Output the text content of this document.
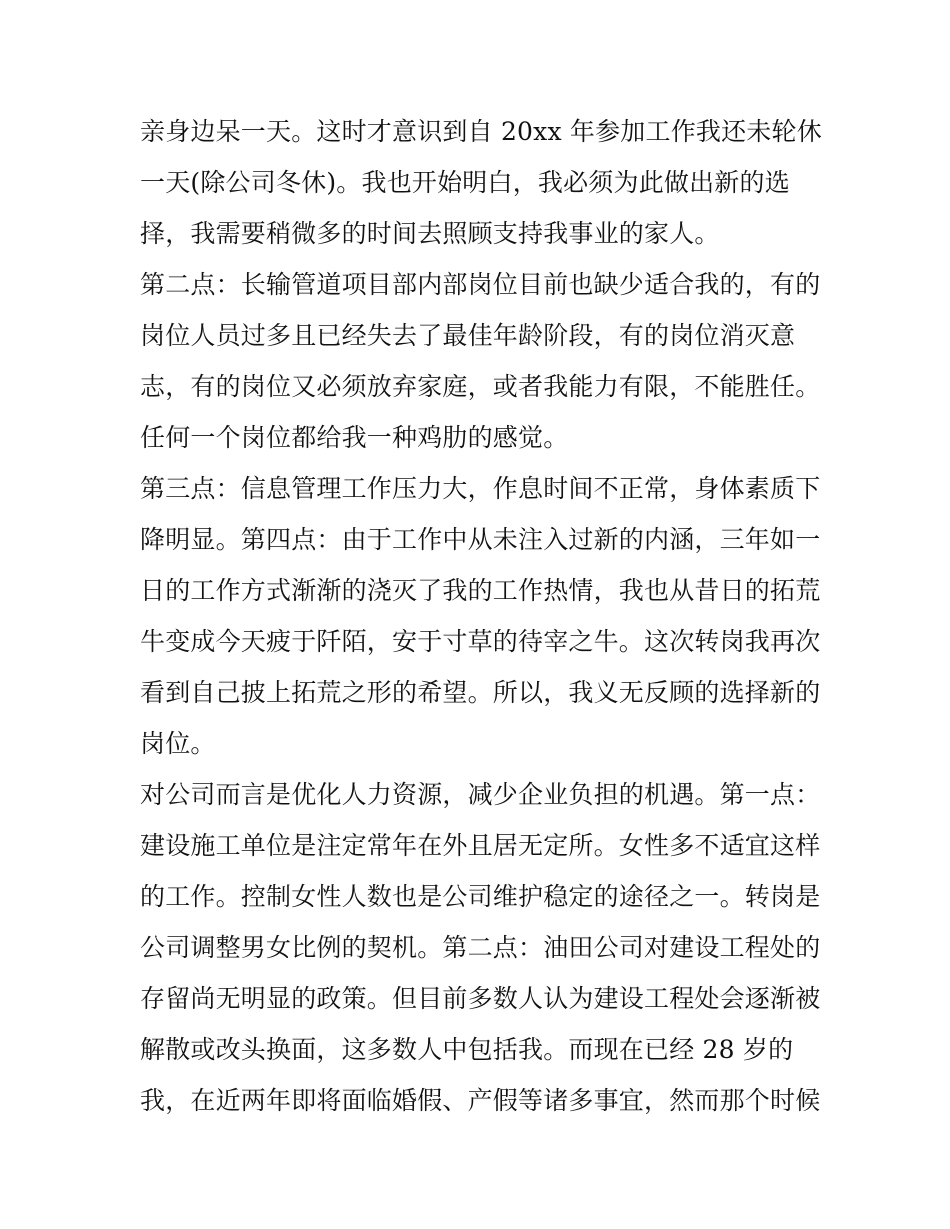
亲身边呆一天。这时才意识到自 20xx 年参加工作我还未轮休
一天(除公司冬休)。我也开始明白，我必须为此做出新的选
择，我需要稍微多的时间去照顾支持我事业的家人。
第二点：长输管道项目部内部岗位目前也缺少适合我的，有的
岗位人员过多且已经失去了最佳年龄阶段，有的岗位消灭意
志，有的岗位又必须放弃家庭，或者我能力有限，不能胜任。
任何一个岗位都给我一种鸡肋的感觉。
第三点：信息管理工作压力大，作息时间不正常，身体素质下
降明显。第四点：由于工作中从未注入过新的内涵，三年如一
日的工作方式渐渐的浇灭了我的工作热情，我也从昔日的拓荒
牛变成今天疲于阡陌，安于寸草的待宰之牛。这次转岗我再次
看到自己披上拓荒之形的希望。所以，我义无反顾的选择新的
岗位。
对公司而言是优化人力资源，减少企业负担的机遇。第一点：
建设施工单位是注定常年在外且居无定所。女性多不适宜这样
的工作。控制女性人数也是公司维护稳定的途径之一。转岗是
公司调整男女比例的契机。第二点：油田公司对建设工程处的
存留尚无明显的政策。但目前多数人认为建设工程处会逐渐被
解散或改头换面，这多数人中包括我。而现在已经 28 岁的
我，在近两年即将面临婚假、产假等诸多事宜，然而那个时候
